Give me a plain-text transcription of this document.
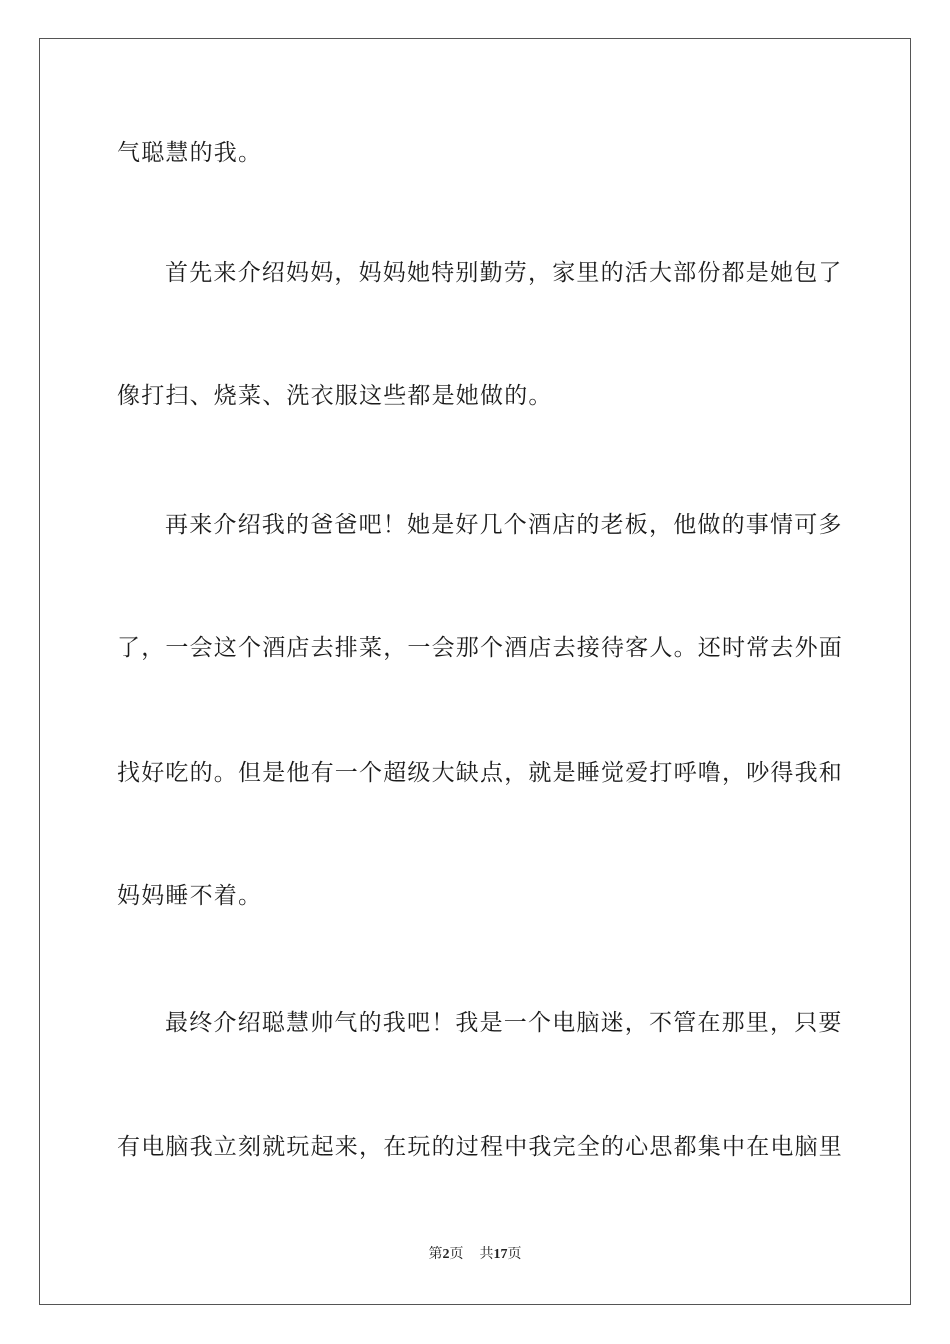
气聪慧的我。
首先来介绍妈妈，妈妈她特别勤劳，家里的活大部份都是她包了
像打扫、烧菜、洗衣服这些都是她做的。
再来介绍我的爸爸吧！她是好几个酒店的老板，他做的事情可多
了，一会这个酒店去排菜，一会那个酒店去接待客人。还时常去外面
找好吃的。但是他有一个超级大缺点，就是睡觉爱打呼噜，吵得我和
妈妈睡不着。
最终介绍聪慧帅气的我吧！我是一个电脑迷，不管在那里，只要
有电脑我立刻就玩起来，在玩的过程中我完全的心思都集中在电脑里
第2页 共17页
